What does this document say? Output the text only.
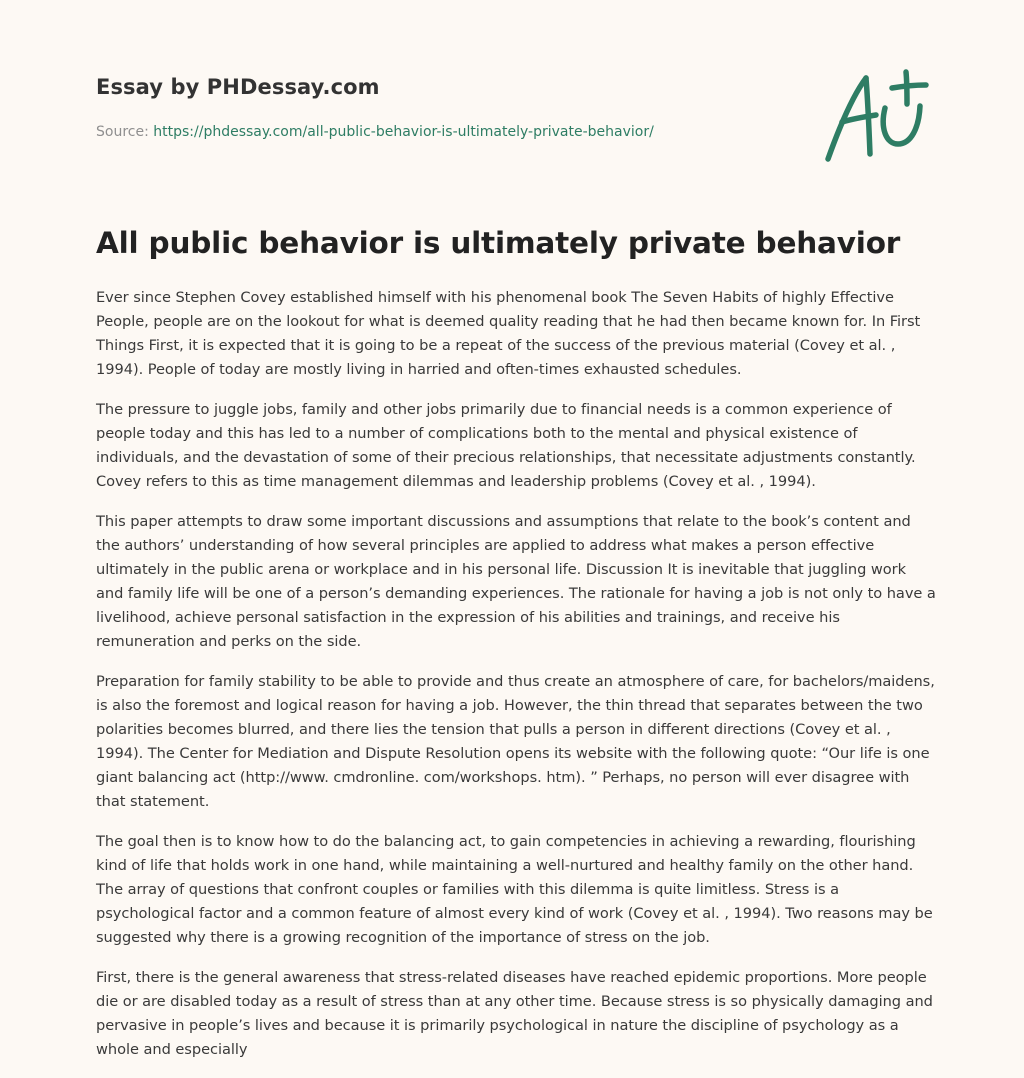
Essay by PHDessay.com

Source: https://phdessay.com/all-public-behavior-is-ultimately-private-behavior/

All public behavior is ultimately private behavior

Ever since Stephen Covey established himself with his phenomenal book The Seven Habits of highly Effective People, people are on the lookout for what is deemed quality reading that he had then became known for. In First Things First, it is expected that it is going to be a repeat of the success of the previous material (Covey et al. , 1994). People of today are mostly living in harried and often-times exhausted schedules.

The pressure to juggle jobs, family and other jobs primarily due to financial needs is a common experience of people today and this has led to a number of complications both to the mental and physical existence of individuals, and the devastation of some of their precious relationships, that necessitate adjustments constantly. Covey refers to this as time management dilemmas and leadership problems (Covey et al. , 1994).

This paper attempts to draw some important discussions and assumptions that relate to the book’s content and the authors’ understanding of how several principles are applied to address what makes a person effective ultimately in the public arena or workplace and in his personal life. Discussion It is inevitable that juggling work and family life will be one of a person’s demanding experiences. The rationale for having a job is not only to have a livelihood, achieve personal satisfaction in the expression of his abilities and trainings, and receive his remuneration and perks on the side.

Preparation for family stability to be able to provide and thus create an atmosphere of care, for bachelors/maidens, is also the foremost and logical reason for having a job. However, the thin thread that separates between the two polarities becomes blurred, and there lies the tension that pulls a person in different directions (Covey et al. , 1994). The Center for Mediation and Dispute Resolution opens its website with the following quote: “Our life is one giant balancing act (http://www. cmdronline. com/workshops. htm). ” Perhaps, no person will ever disagree with that statement.

The goal then is to know how to do the balancing act, to gain competencies in achieving a rewarding, flourishing kind of life that holds work in one hand, while maintaining a well-nurtured and healthy family on the other hand. The array of questions that confront couples or families with this dilemma is quite limitless. Stress is a psychological factor and a common feature of almost every kind of work (Covey et al. , 1994). Two reasons may be suggested why there is a growing recognition of the importance of stress on the job.

First, there is the general awareness that stress-related diseases have reached epidemic proportions. More people die or are disabled today as a result of stress than at any other time. Because stress is so physically damaging and pervasive in people’s lives and because it is primarily psychological in nature the discipline of psychology as a whole and especially
